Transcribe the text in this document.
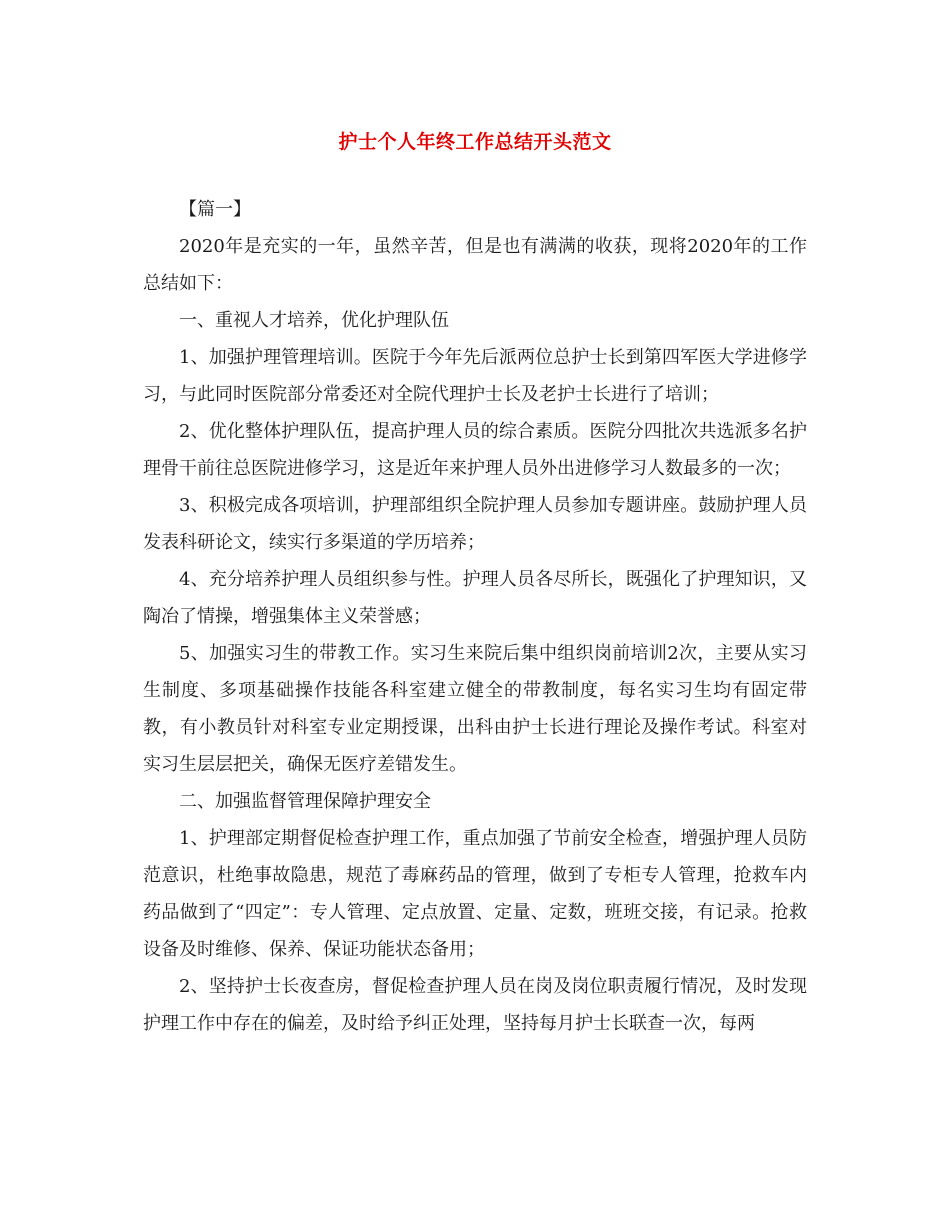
护士个人年终工作总结开头范文

【篇一】

2020年是充实的一年，虽然辛苦，但是也有满满的收获，现将2020年的工作总结如下：

一、重视人才培养，优化护理队伍

1、加强护理管理培训。医院于今年先后派两位总护士长到第四军医大学进修学习，与此同时医院部分常委还对全院代理护士长及老护士长进行了培训；

2、优化整体护理队伍，提高护理人员的综合素质。医院分四批次共选派多名护理骨干前往总医院进修学习，这是近年来护理人员外出进修学习人数最多的一次；

3、积极完成各项培训，护理部组织全院护理人员参加专题讲座。鼓励护理人员发表科研论文，续实行多渠道的学历培养；

4、充分培养护理人员组织参与性。护理人员各尽所长，既强化了护理知识，又陶冶了情操，增强集体主义荣誉感；

5、加强实习生的带教工作。实习生来院后集中组织岗前培训2次，主要从实习生制度、多项基础操作技能各科室建立健全的带教制度，每名实习生均有固定带教，有小教员针对科室专业定期授课，出科由护士长进行理论及操作考试。科室对实习生层层把关，确保无医疗差错发生。

二、加强监督管理保障护理安全

1、护理部定期督促检查护理工作，重点加强了节前安全检查，增强护理人员防范意识，杜绝事故隐患，规范了毒麻药品的管理，做到了专柜专人管理，抢救车内药品做到了“四定”：专人管理、定点放置、定量、定数，班班交接，有记录。抢救设备及时维修、保养、保证功能状态备用；

2、坚持护士长夜查房，督促检查护理人员在岗及岗位职责履行情况，及时发现护理工作中存在的偏差，及时给予纠正处理，坚持每月护士长联查一次，每两
